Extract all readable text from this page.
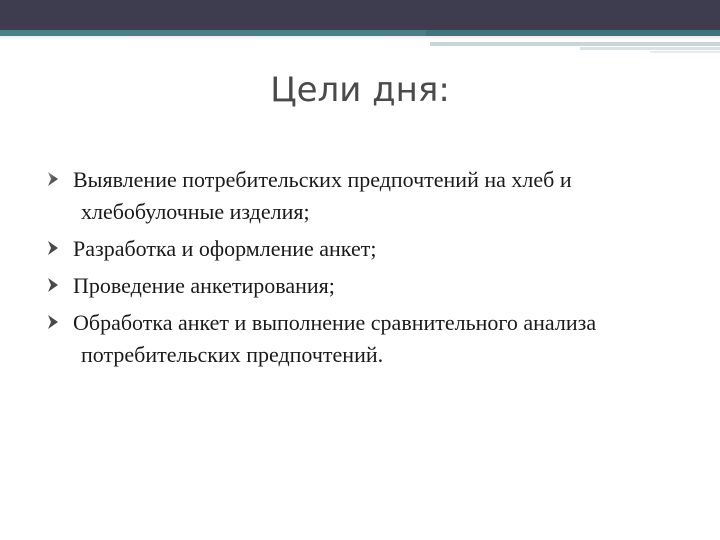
Цели дня:
Выявление потребительских предпочтений на хлеб и хлебобулочные изделия;
Разработка и оформление анкет;
Проведение анкетирования;
Обработка анкет и выполнение сравнительного анализа потребительских предпочтений.
